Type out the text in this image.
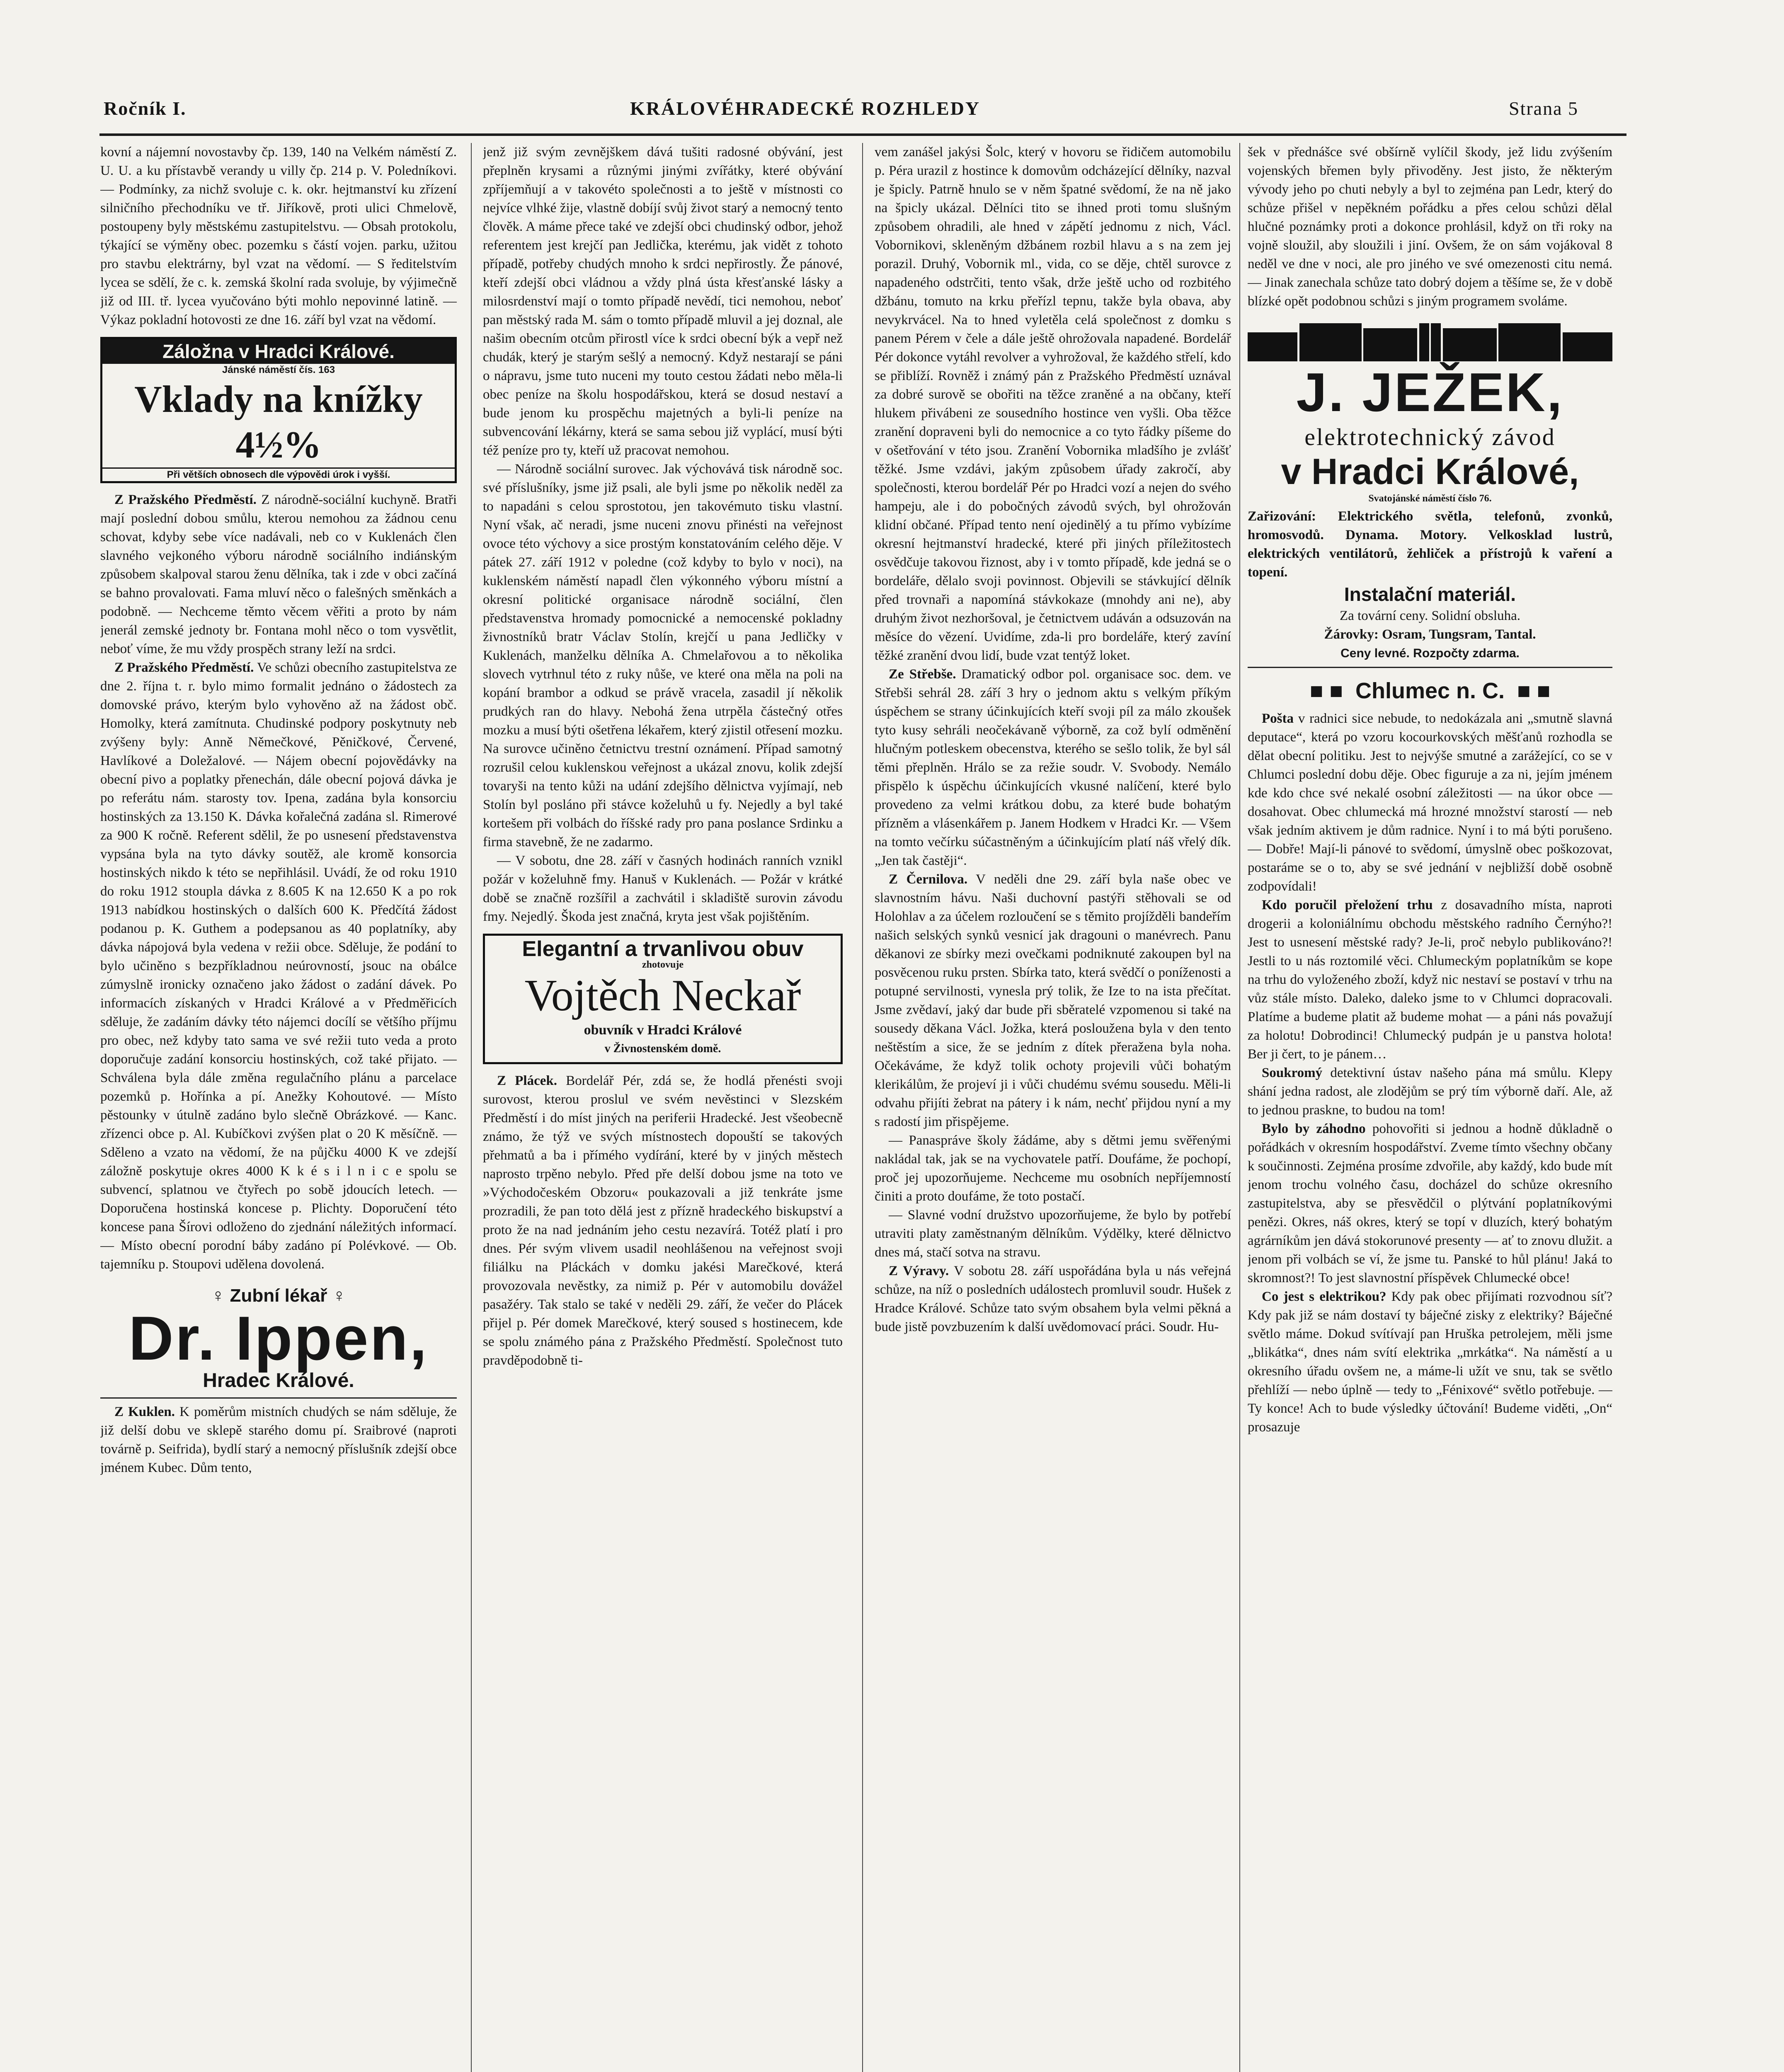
Ročník I.	KRÁLOVÉHRADECKÉ ROZHLEDY	Strana 5

kovní a nájemní novostavby čp. 139, 140 na Velkém náměstí Z. U. U. a ku přístavbě verandy u villy čp. 214 p. V. Poledníkovi. — Podmínky, za nichž svoluje c. k. okr. hejtmanství ku zřízení silničního přechodníku ve tř. Jiříkově, proti ulici Chmelově, postoupeny byly městskému zastupitelstvu. — Obsah protokolu, týkající se výměny obec. pozemku s částí vojen. parku, užitou pro stavbu elektrárny, byl vzat na vědomí. — S ředitelstvím lycea se sdělí, že c. k. zemská školní rada svoluje, by výjimečně již od III. tř. lycea vyučováno býti mohlo nepovinné latině. — Výkaz pokladní hotovosti ze dne 16. září byl vzat na vědomí.

Záložna v Hradci Králové.
Jánské náměstí čís. 163
Vklady na knížky 4½%
Při větších obnosech dle výpovědi úrok i vyšší.

Z Pražského Předměstí. Z národně-sociální kuchyně. Bratři mají poslední dobou smůlu, kterou nemohou za žádnou cenu schovat, kdyby sebe více nadávali, neb co v Kuklenách člen slavného vejkoného výboru národně sociálního indiánským způsobem skalpoval starou ženu dělníka, tak i zde v obci začíná se bahno provalovati. Fama mluví něco o falešných směnkách a podobně. — Nechceme těmto věcem věřiti a proto by nám jenerál zemské jednoty br. Fontana mohl něco o tom vysvětlit, neboť víme, že mu vždy prospěch strany leží na srdci.

Z Pražského Předměstí. Ve schůzi obecního zastupitelstva ze dne 2. října t. r. bylo mimo formalit jednáno o žádostech za domovské právo, kterým bylo vyhověno až na žádost obč. Homolky, která zamítnuta. Chudinské podpory poskytnuty neb zvýšeny byly: Anně Němečkové, Pěničkové, Červené, Havlíkové a Doležalové. — Nájem obecní pojovědávky na obecní pivo a poplatky přenechán, dále obecní pojová dávka je po referátu nám. starosty tov. Ipena, zadána byla konsorciu hostinských za 13.150 K. Dávka kořalečná zadána sl. Rimerové za 900 K ročně. Referent sdělil, že po usnesení představenstva vypsána byla na tyto dávky soutěž, ale kromě konsorcia hostinských nikdo k této se nepřihlásil. Uvádí, že od roku 1910 do roku 1912 stoupla dávka z 8.605 K na 12.650 K a po rok 1913 nabídkou hostinských o dalších 600 K. Předčítá žádost podanou p. K. Guthem a podepsanou as 40 poplatníky, aby dávka nápojová byla vedena v režii obce. Sděluje, že podání to bylo učiněno s bezpříkladnou neúrovností, jsouc na obálce zúmyslně ironicky označeno jako žádost o zadání dávek. Po informacích získaných v Hradci Králové a v Předměřicích sděluje, že zadáním dávky této nájemci docílí se většího příjmu pro obec, než kdyby tato sama ve své režii tuto veda a proto doporučuje zadání konsorciu hostinských, což také přijato. — Schválena byla dále změna regulačního plánu a parcelace pozemků p. Hořínka a pí. Anežky Kohoutové. — Místo pěstounky v útulně zadáno bylo slečně Obrázkové. — Kanc. zřízenci obce p. Al. Kubíčkovi zvýšen plat o 20 K měsíčně. — Sděleno a vzato na vědomí, že na půjčku 4000 K ve zdejší záložně poskytuje okres 4000 K k é s i l n i c e spolu se subvencí, splatnou ve čtyřech po sobě jdoucích letech. — Doporučena hostinská koncese p. Plichty. Doporučení této koncese pana Šírovi odloženo do zjednání náležitých informací. — Místo obecní porodní báby zadáno pí Polévkové. — Ob. tajemníku p. Stoupovi udělena dovolená.

♀ Zubní lékař ♀
Dr. Ippen,
Hradec Králové.

Z Kuklen. K poměrům mistních chudých se nám sděluje, že již delší dobu ve sklepě starého domu pí. Sraibrové (naproti továrně p. Seifrida), bydlí starý a nemocný příslušník zdejší obce jménem Kubec. Dům tento,

jenž již svým zevnějškem dává tušiti radosné obývání, jest přeplněn krysami a různými jinými zvířátky, které obývání zpříjemňují a v takovéto společnosti a to ještě v místnosti co nejvíce vlhké žije, vlastně dobíjí svůj život starý a nemocný tento člověk. A máme přece také ve zdejší obci chudinský odbor, jehož referentem jest krejčí pan Jedlička, kterému, jak vidět z tohoto případě, potřeby chudých mnoho k srdci nepřirostly. Že pánové, kteří zdejší obci vládnou a vždy plná ústa křesťanské lásky a milosrdenství mají o tomto případě nevědí, tici nemohou, neboť pan městský rada M. sám o tomto případě mluvil a jej doznal, ale našim obecním otcům přirostl více k srdci obecní býk a vepř než chudák, který je starým sešlý a nemocný. Když nestarají se páni o nápravu, jsme tuto nuceni my touto cestou žádati nebo měla-li obec peníze na školu hospodářskou, která se dosud nestaví a bude jenom ku prospěchu majetných a byli-li peníze na subvencování lékárny, která se sama sebou již vyplácí, musí býti též peníze pro ty, kteří už pracovat nemohou.

— Národně sociální surovec. Jak výchovává tisk národně soc. své příslušníky, jsme již psali, ale byli jsme po několik neděl za to napadáni s celou sprostotou, jen takovémuto tisku vlastní. Nyní však, ač neradi, jsme nuceni znovu přinésti na veřejnost ovoce této výchovy a sice prostým konstatováním celého děje. V pátek 27. září 1912 v poledne (což kdyby to bylo v noci), na kuklenském náměstí napadl člen výkonného výboru místní a okresní politické organisace národně sociální, člen představenstva hromady pomocnické a nemocenské pokladny živnostníků bratr Václav Stolín, krejčí u pana Jedličky v Kuklenách, manželku dělníka A. Chmelařovou a to několika slovech vytrhnul této z ruky nůše, ve které ona měla na poli na kopání brambor a odkud se právě vracela, zasadil jí několik prudkých ran do hlavy. Nebohá žena utrpěla částečný otřes mozku a musí býti ošetřena lékařem, který zjistil otřesení mozku. Na surovce učiněno četnictvu trestní oznámení. Případ samotný rozrušil celou kuklenskou veřejnost a ukázal znovu, kolik zdejší tovaryši na tento kůži na udání zdejšího dělnictva vyjímají, neb Stolín byl posláno při stávce koželuhů u fy. Nejedly a byl také kortešem při volbách do říšské rady pro pana poslance Srdinku a firma stavebně, že ne zadarmo.

— V sobotu, dne 28. září v časných hodinách ranních vznikl požár v koželuhně fmy. Hanuš v Kuklenách. — Požár v krátké době se značně rozšířil a zachvátil i skladiště surovin závodu fmy. Nejedlý. Škoda jest značná, kryta jest však pojištěním.

Elegantní a trvanlivou obuv
zhotovuje
Vojtěch Neckař
obuvník v Hradci Králové
v Živnostenském domě.

Z Plácek. Bordelář Pér, zdá se, že hodlá přenésti svoji surovost, kterou proslul ve svém nevěstinci v Slezském Předměstí i do míst jiných na periferii Hradecké. Jest všeobecně známo, že týž ve svých místnostech dopouští se takových přehmatů a ba i přímého vydírání, které by v jiných městech naprosto trpěno nebylo. Před pře delší dobou jsme na toto ve »Východočeském Obzoru« poukazovali a již tenkráte jsme prozradili, že pan toto dělá jest z přízně hradeckého biskupství a proto že na nad jednáním jeho cestu nezavírá. Totéž platí i pro dnes. Pér svým vlivem usadil neohlášenou na veřejnost svoji filiálku na Pláckách v domku jakési Marečkové, která provozovala nevěstky, za nimiž p. Pér v automobilu dovážel pasažéry. Tak stalo se také v neděli 29. září, že večer do Plácek přijel p. Pér domek Marečkové, který soused s hostinecem, kde se spolu známého pána z Pražského Předměstí. Společnost tuto pravděpodobně ti-

vem zanášel jakýsi Šolc, který v hovoru se řidičem automobilu p. Péra urazil z hostince k domovům odcházející dělníky, nazval je špicly. Patrně hnulo se v něm špatné svědomí, že na ně jako na špicly ukázal. Dělníci tito se ihned proti tomu slušným způsobem ohradili, ale hned v zápětí jednomu z nich, Václ. Vobornikovi, skleněným džbánem rozbil hlavu a s na zem jej porazil. Druhý, Vobornik ml., vida, co se děje, chtěl surovce z napadeného odstrčiti, tento však, drže ještě ucho od rozbitého džbánu, tomuto na krku přeřízl tepnu, takže byla obava, aby nevykrvácel. Na to hned vyletěla celá společnost z domku s panem Pérem v čele a dále ještě ohrožovala napadené. Bordelář Pér dokonce vytáhl revolver a vyhrožoval, že každého střelí, kdo se přiblíží. Rovněž i známý pán z Pražského Předměstí uznával za dobré surově se obořiti na těžce zraněné a na občany, kteří hlukem přivábeni ze sousedního hostince ven vyšli. Oba těžce zranění dopraveni byli do nemocnice a co tyto řádky píšeme do v ošetřování v této jsou. Zranění Vobornika mladšího je zvlášť těžké. Jsme vzdávi, jakým způsobem úřady zakročí, aby společnosti, kterou bordelář Pér po Hradci vozí a nejen do svého hampeju, ale i do pobočných závodů svých, byl ohrožován klidní občané. Případ tento není ojedinělý a tu přímo vybízíme okresní hejtmanství hradecké, které při jiných příležitostech osvědčuje takovou řiznost, aby i v tomto případě, kde jedná se o bordeláře, dělalo svoji povinnost. Objevili se stávkující dělník před trovnaři a napomíná stávkokaze (mnohdy ani ne), aby druhým život nezhoršoval, je četnictvem udáván a odsuzován na měsíce do vězení. Uvidíme, zda-li pro bordeláře, který zavíní těžké zranění dvou lidí, bude vzat tentýž loket.

Ze Střebše. Dramatický odbor pol. organisace soc. dem. ve Střebši sehrál 28. září 3 hry o jednom aktu s velkým příkým úspěchem se strany účinkujících kteří svoji píl za málo zkoušek tyto kusy sehráli neočekávaně výborně, za což bylí odměnění hlučným potleskem obecenstva, kterého se sešlo tolik, že byl sál těmi přeplněn. Hrálo se za režie soudr. V. Svobody. Nemálo přispělo k úspěchu účinkujících vkusné nalíčení, které bylo provedeno za velmi krátkou dobu, za které bude bohatým přízněm a vlásenkářem p. Janem Hodkem v Hradci Kr. — Všem na tomto večírku súčastněným a účinkujícím platí náš vřelý dík. „Jen tak častěji“.

Z Černilova. V neděli dne 29. září byla naše obec ve slavnostním hávu. Naši duchovní pastýři stěhovali se od Holohlav a za účelem rozloučení se s těmito projížděli bandeřím našich selských synků vesnicí jak dragouni o manévrech. Panu děkanovi ze sbírky mezi ovečkami podniknuté zakoupen byl na posvěcenou ruku prsten. Sbírka tato, která svědčí o poníženosti a potupné servilnosti, vynesla prý tolik, že Ize to na ista přečítat. Jsme zvědaví, jaký dar bude při sběratelé vzpomenou si také na sousedy děkana Václ. Jožka, která posloužena byla v den tento neštěstím a sice, že se jedním z dítek přeražena byla noha. Očekáváme, že když tolik ochoty projevili vůči bohatým klerikálům, že projeví ji i vůči chudému svému sousedu. Měli-li odvahu přijíti žebrat na pátery i k nám, nechť přijdou nyní a my s radostí jim přispějeme.

— Panaspráve školy žádáme, aby s dětmi jemu svěřenými nakládal tak, jak se na vychovatele patří. Doufáme, že pochopí, proč jej upozorňujeme. Nechceme mu osobních nepříjemností činiti a proto doufáme, že toto postačí.

— Slavné vodní družstvo upozorňujeme, že bylo by potřebí utraviti platy zaměstnaným dělníkům. Výdělky, které dělnictvo dnes má, stačí sotva na stravu.

Z Výravy. V sobotu 28. září uspořádána byla u nás veřejná schůze, na níž o posledních událostech promluvil soudr. Hušek z Hradce Králové. Schůze tato svým obsahem byla velmi pěkná a bude jistě povzbuzením k další uvědomovací práci. Soudr. Hu-

šek v přednášce své obšírně vylíčil škody, jež lidu zvýšením vojenských břemen byly přivoděny. Jest jisto, že některým vývody jeho po chuti nebyly a byl to zejména pan Ledr, který do schůze přišel v nepěkném pořádku a přes celou schůzi dělal hlučné poznámky proti a dokonce prohlásil, když on tři roky na vojně sloužil, aby sloužili i jiní. Ovšem, že on sám vojákoval 8 neděl ve dne v noci, ale pro jiného ve své omezenosti citu nemá. — Jinak zanechala schůze tato dobrý dojem a těšíme se, že v době blízké opět podobnou schůzi s jiným programem svoláme.

J. JEŽEK,
elektrotechnický závod
v Hradci Králové,
Svatojánské náměstí číslo 76.

Zařizování: Elektrického světla, telefonů, zvonků, hromosvodů. Dynama. Motory. Velkosklad lustrů, elektrických ventilátorů, žehliček a přístrojů k vaření a topení.

Instalační materiál.
Za tovární ceny. Solidní obsluha.
Žárovky: Osram, Tungsram, Tantal.
Ceny levné. Rozpočty zdarma.
■ ■  Chlumec n. C.  ■ ■

Pošta v radnici sice nebude, to nedokázala ani „smutně slavná deputace“, která po vzoru kocourkovských měšťanů rozhodla se dělat obecní politiku. Jest to nejvýše smutné a zarážející, co se v Chlumci poslední dobu děje. Obec figuruje a za ni, jejím jménem kde kdo chce své nekalé osobní záležitosti — na úkor obce — dosahovat. Obec chlumecká má hrozné množství starostí — neb však jedním aktivem je dům radnice. Nyní i to má býti porušeno. — Dobře! Mají-li pánové to svědomí, úmyslně obec poškozovat, postaráme se o to, aby se své jednání v nejbližší době osobně zodpovídali!

Kdo poručil přeložení trhu z dosavadního místa, naproti drogerii a koloniálnímu obchodu městského radního Černýho?! Jest to usnesení městské rady? Je-li, proč nebylo publikováno?! Jestli to u nás roztomilé věci. Chlumeckým poplatníkům se kope na trhu do vyloženého zboží, když nic nestaví se postaví v trhu na vůz stále místo. Daleko, daleko jsme to v Chlumci dopracovali. Platíme a budeme platit až budeme mohat — a páni nás považují za holotu! Dobrodinci! Chlumecký pudpán je u panstva holota! Ber ji čert, to je pánem…

Soukromý detektivní ústav našeho pána má smůlu. Klepy shání jedna radost, ale zlodějům se prý tím výborně daří. Ale, až to jednou praskne, to budou na tom!

Bylo by záhodno pohovořiti si jednou a hodně důkladně o pořádkách v okresním hospodářství. Zveme tímto všechny občany k součinnosti. Zejména prosíme zdvořile, aby každý, kdo bude mít jenom trochu volného času, docházel do schůze okresního zastupitelstva, aby se přesvědčil o plýtvání poplatníkovými penězi. Okres, náš okres, který se topí v dluzích, který bohatým agrárníkům jen dává stokorunové presenty — ať to znovu dlužit. a jenom při volbách se ví, že jsme tu. Panské to hůl plánu! Jaká to skromnost?! To jest slavnostní příspěvek Chlumecké obce!

Co jest s elektrikou? Kdy pak obec přijímati rozvodnou síť? Kdy pak již se nám dostaví ty báječné zisky z elektriky? Báječné světlo máme. Dokud svítívají pan Hruška petrolejem, měli jsme „blikátka“, dnes nám svítí elektrika „mrkátka“. Na náměstí a u okresního úřadu ovšem ne, a máme-li užít ve snu, tak se světlo přehlíží — nebo úplně — tedy to „Fénixové“ světlo potřebuje. — Ty konce! Ach to bude výsledky účtování! Budeme viděti, „On“ prosazuje
